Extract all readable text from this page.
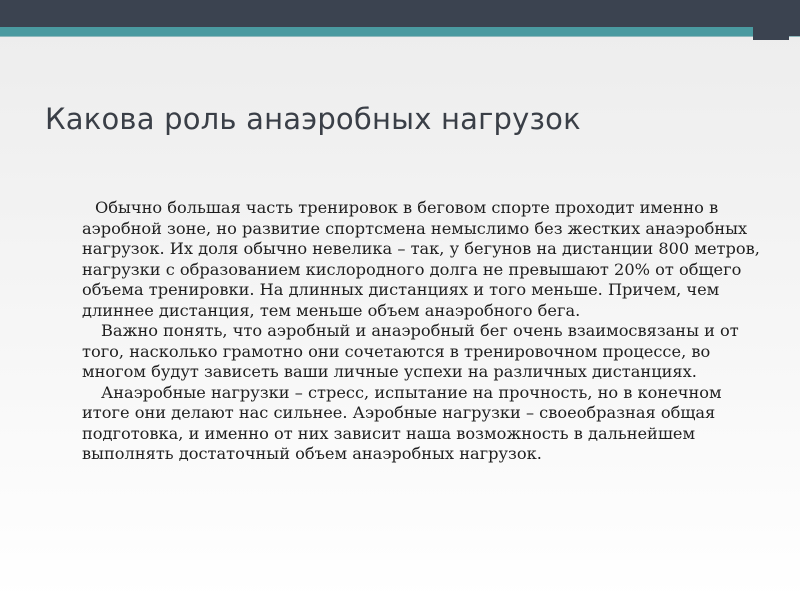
Какова роль анаэробных нагрузок

Обычно большая часть тренировок в беговом спорте проходит именно в аэробной зоне, но развитие спортсмена немыслимо без жестких анаэробных нагрузок. Их доля обычно невелика – так, у бегунов на дистанции 800 метров, нагрузки с образованием кислородного долга не превышают 20% от общего объема тренировки. На длинных дистанциях и того меньше. Причем, чем длиннее дистанция, тем меньше объем анаэробного бега.

Важно понять, что аэробный и анаэробный бег очень взаимосвязаны и от того, насколько грамотно они сочетаются в тренировочном процессе, во многом будут зависеть ваши личные успехи на различных дистанциях.

Анаэробные нагрузки – стресс, испытание на прочность, но в конечном итоге они делают нас сильнее. Аэробные нагрузки – своеобразная общая подготовка, и именно от них зависит наша возможность в дальнейшем выполнять достаточный объем анаэробных нагрузок.
